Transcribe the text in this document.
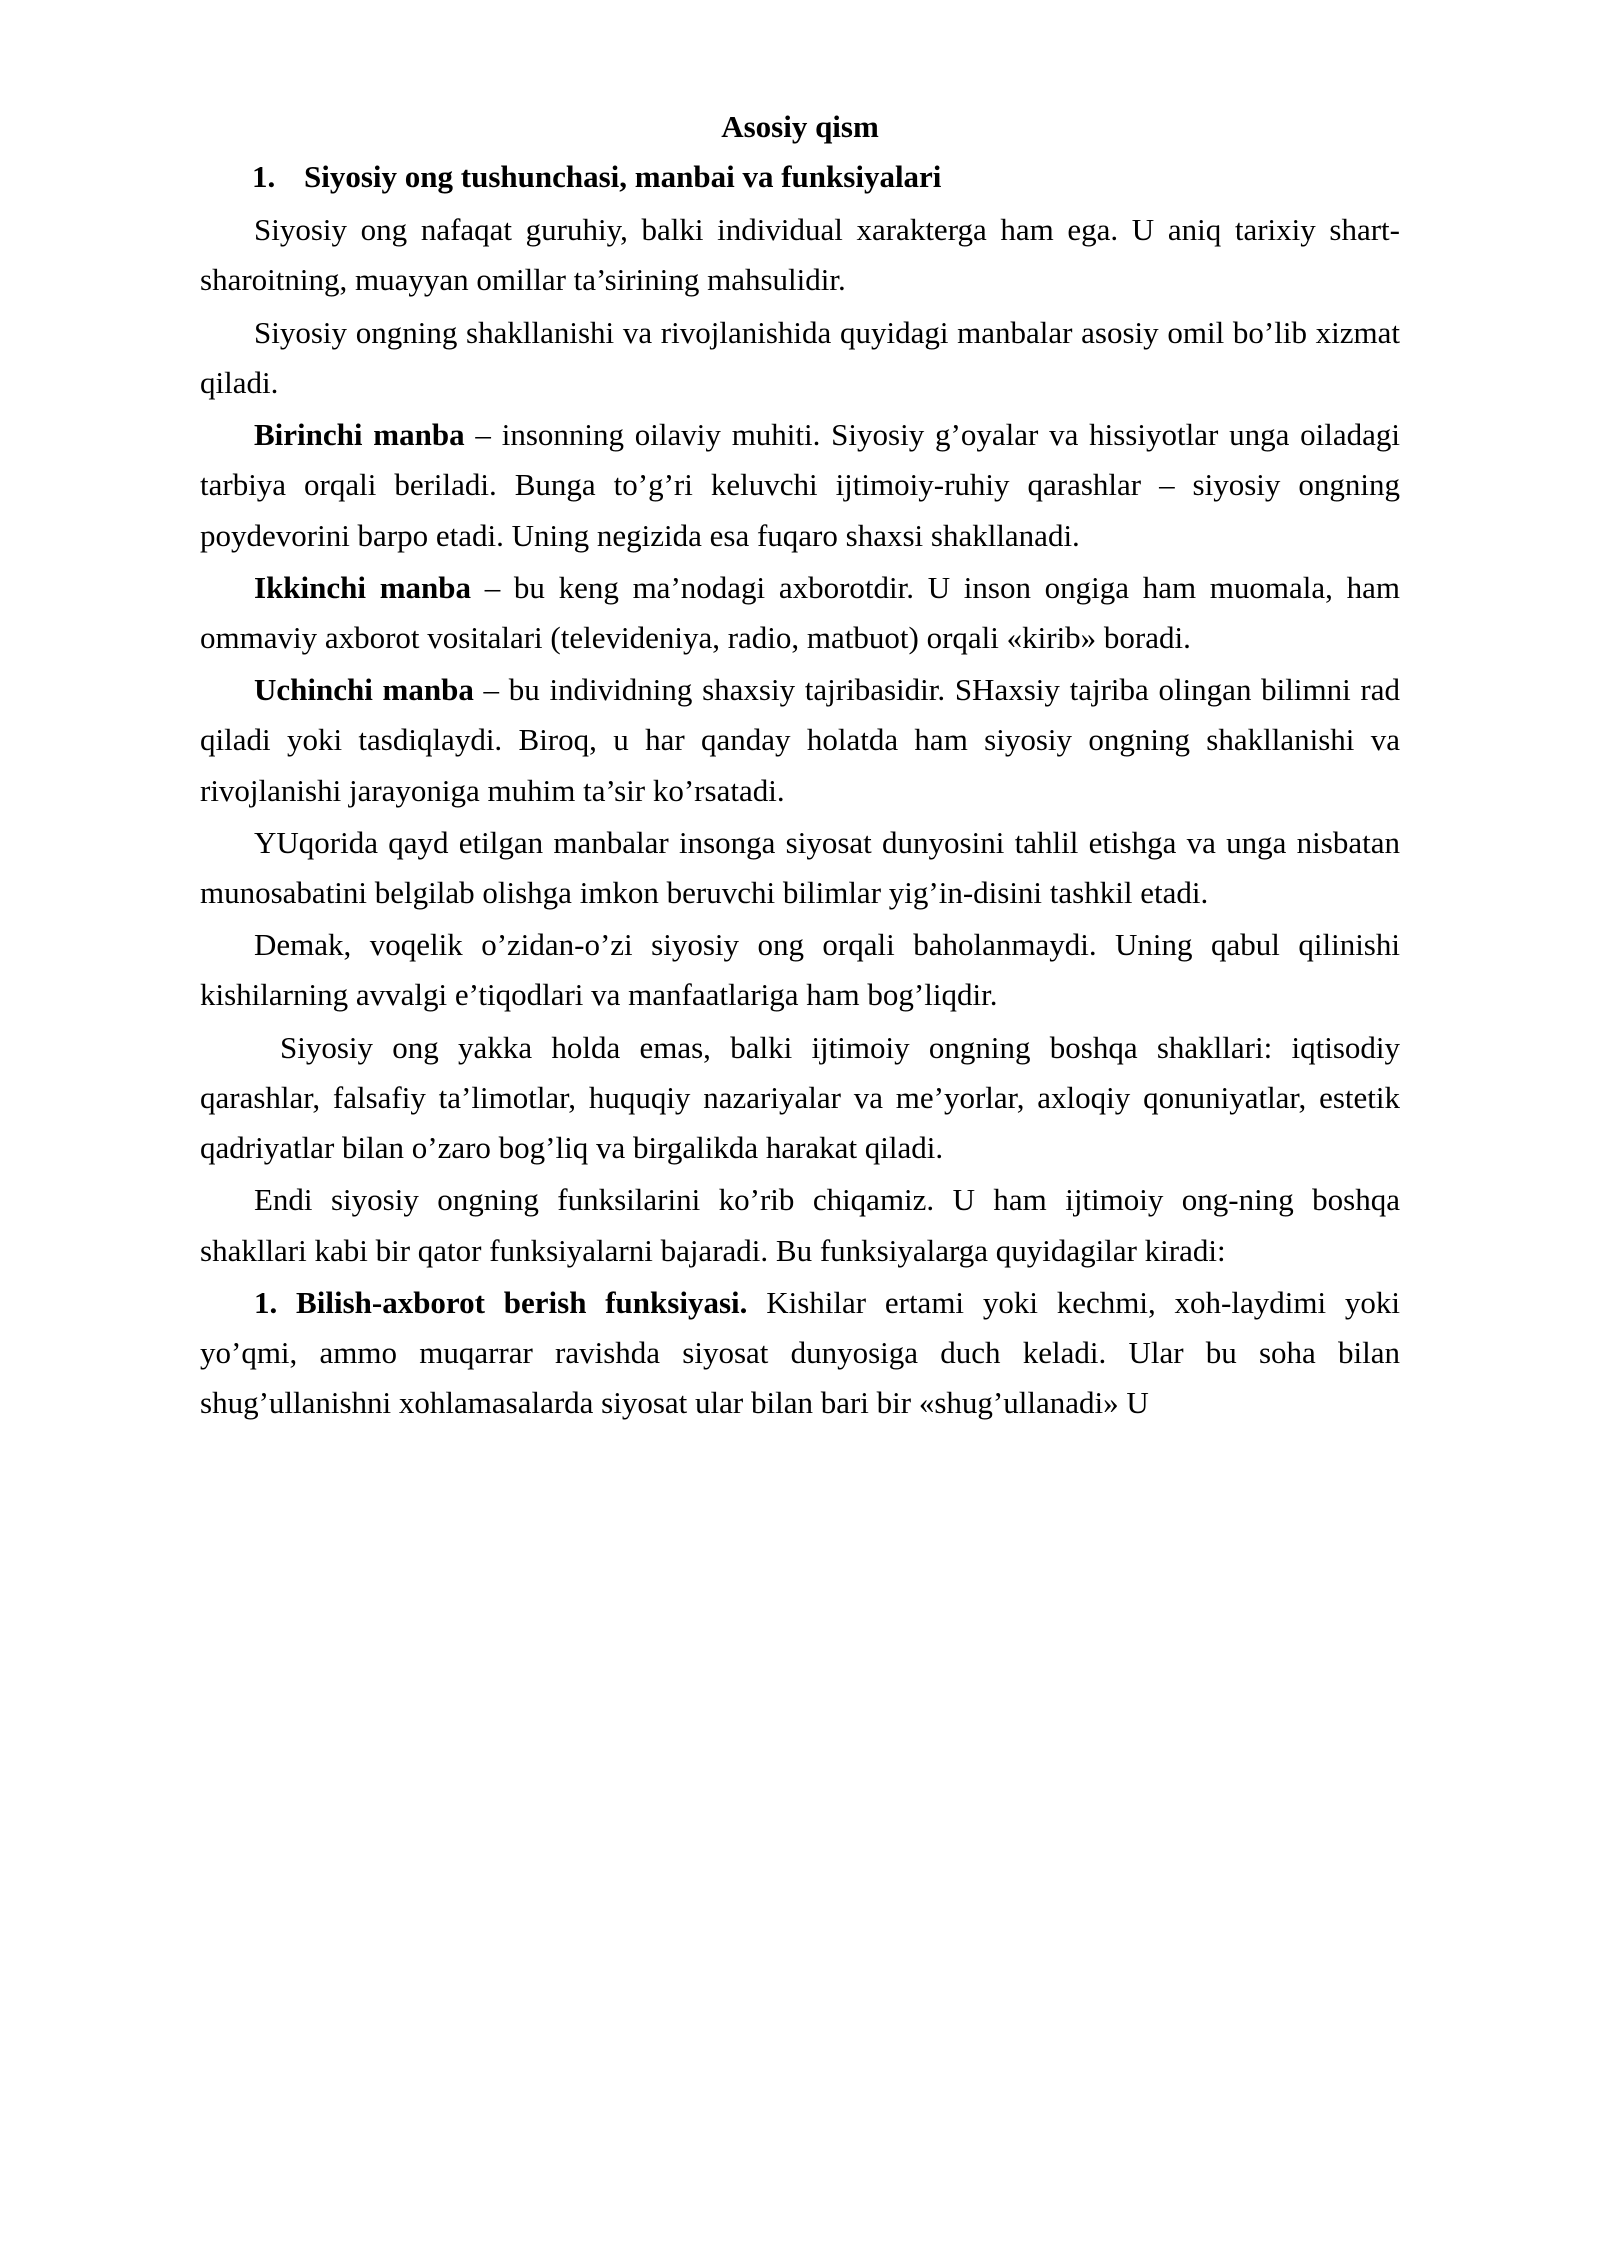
Asosiy qism
1. Siyosiy ong tushunchasi, manbai va funksiyalari

Siyosiy ong nafaqat guruhiy, balki individual xarakterga ham ega. U aniq tarixiy shart-sharoitning, muayyan omillar ta’sirining mahsulidir.

Siyosiy ongning shakllanishi va rivojlanishida quyidagi manbalar asosiy omil bo’lib xizmat qiladi.

Birinchi manba – insonning oilaviy muhiti. Siyosiy g’oyalar va hissiyotlar unga oiladagi tarbiya orqali beriladi. Bunga to’g’ri keluvchi ijtimoiy-ruhiy qarashlar – siyosiy ongning poydevorini barpo etadi. Uning negizida esa fuqaro shaxsi shakllanadi.

Ikkinchi manba – bu keng ma’nodagi axborotdir. U inson ongiga ham muomala, ham ommaviy axborot vositalari (televideniya, radio, matbuot) orqali «kirib» boradi.

Uchinchi manba – bu individning shaxsiy tajribasidir. SHaxsiy tajriba olingan bilimni rad qiladi yoki tasdiqlaydi. Biroq, u har qanday holatda ham siyosiy ongning shakllanishi va rivojlanishi jarayoniga muhim ta’sir ko’rsatadi.

YUqorida qayd etilgan manbalar insonga siyosat dunyosini tahlil etishga va unga nisbatan munosabatini belgilab olishga imkon beruvchi bilimlar yig’in-disini tashkil etadi.

Demak, voqelik o’zidan-o’zi siyosiy ong orqali baholanmaydi. Uning qabul qilinishi kishilarning avvalgi e’tiqodlari va manfaatlariga ham bog’liqdir.

Siyosiy ong yakka holda emas, balki ijtimoiy ongning boshqa shakllari: iqtisodiy qarashlar, falsafiy ta’limotlar, huquqiy nazariyalar va me’yorlar, axloqiy qonuniyatlar, estetik qadriyatlar bilan o’zaro bog’liq va birgalikda harakat qiladi.

Endi siyosiy ongning funksilarini ko’rib chiqamiz. U ham ijtimoiy ong-ning boshqa shakllari kabi bir qator funksiyalarni bajaradi. Bu funksiyalarga quyidagilar kiradi:

1. Bilish-axborot berish funksiyasi. Kishilar ertami yoki kechmi, xoh-laydimi yoki yo’qmi, ammo muqarrar ravishda siyosat dunyosiga duch keladi. Ular bu soha bilan shug’ullanishni xohlamasalarda siyosat ular bilan bari bir «shug’ullanadi» U
